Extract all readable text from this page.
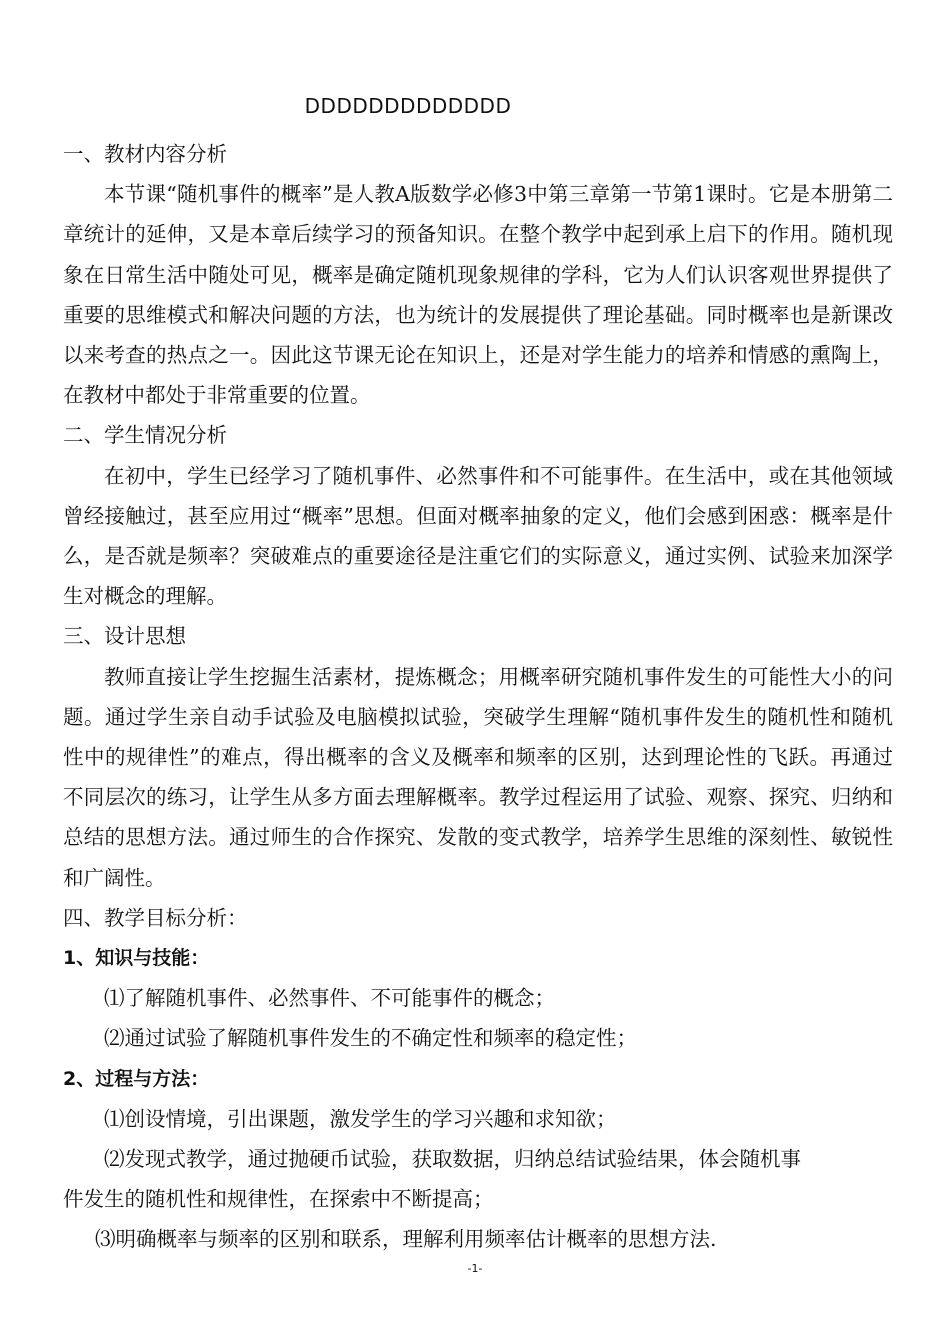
DDDDDDDDDDDDD

一、教材内容分析

本节课“随机事件的概率”是人教A版数学必修3中第三章第一节第1课时。它是本册第二章统计的延伸，又是本章后续学习的预备知识。在整个教学中起到承上启下的作用。随机现象在日常生活中随处可见，概率是确定随机现象规律的学科，它为人们认识客观世界提供了重要的思维模式和解决问题的方法，也为统计的发展提供了理论基础。同时概率也是新课改以来考查的热点之一。因此这节课无论在知识上，还是对学生能力的培养和情感的熏陶上，在教材中都处于非常重要的位置。

二、学生情况分析

在初中，学生已经学习了随机事件、必然事件和不可能事件。在生活中，或在其他领域曾经接触过，甚至应用过“概率”思想。但面对概率抽象的定义，他们会感到困惑：概率是什么，是否就是频率？突破难点的重要途径是注重它们的实际意义，通过实例、试验来加深学生对概念的理解。

三、设计思想

教师直接让学生挖掘生活素材，提炼概念；用概率研究随机事件发生的可能性大小的问题。通过学生亲自动手试验及电脑模拟试验，突破学生理解“随机事件发生的随机性和随机性中的规律性”的难点，得出概率的含义及概率和频率的区别，达到理论性的飞跃。再通过不同层次的练习，让学生从多方面去理解概率。教学过程运用了试验、观察、探究、归纳和总结的思想方法。通过师生的合作探究、发散的变式教学，培养学生思维的深刻性、敏锐性和广阔性。

四、教学目标分析：

1、知识与技能：

⑴了解随机事件、必然事件、不可能事件的概念；

⑵通过试验了解随机事件发生的不确定性和频率的稳定性；

2、过程与方法：

⑴创设情境，引出课题，激发学生的学习兴趣和求知欲；

⑵发现式教学，通过抛硬币试验，获取数据，归纳总结试验结果，体会随机事

件发生的随机性和规律性，在探索中不断提高；

⑶明确概率与频率的区别和联系，理解利用频率估计概率的思想方法.

-1-
